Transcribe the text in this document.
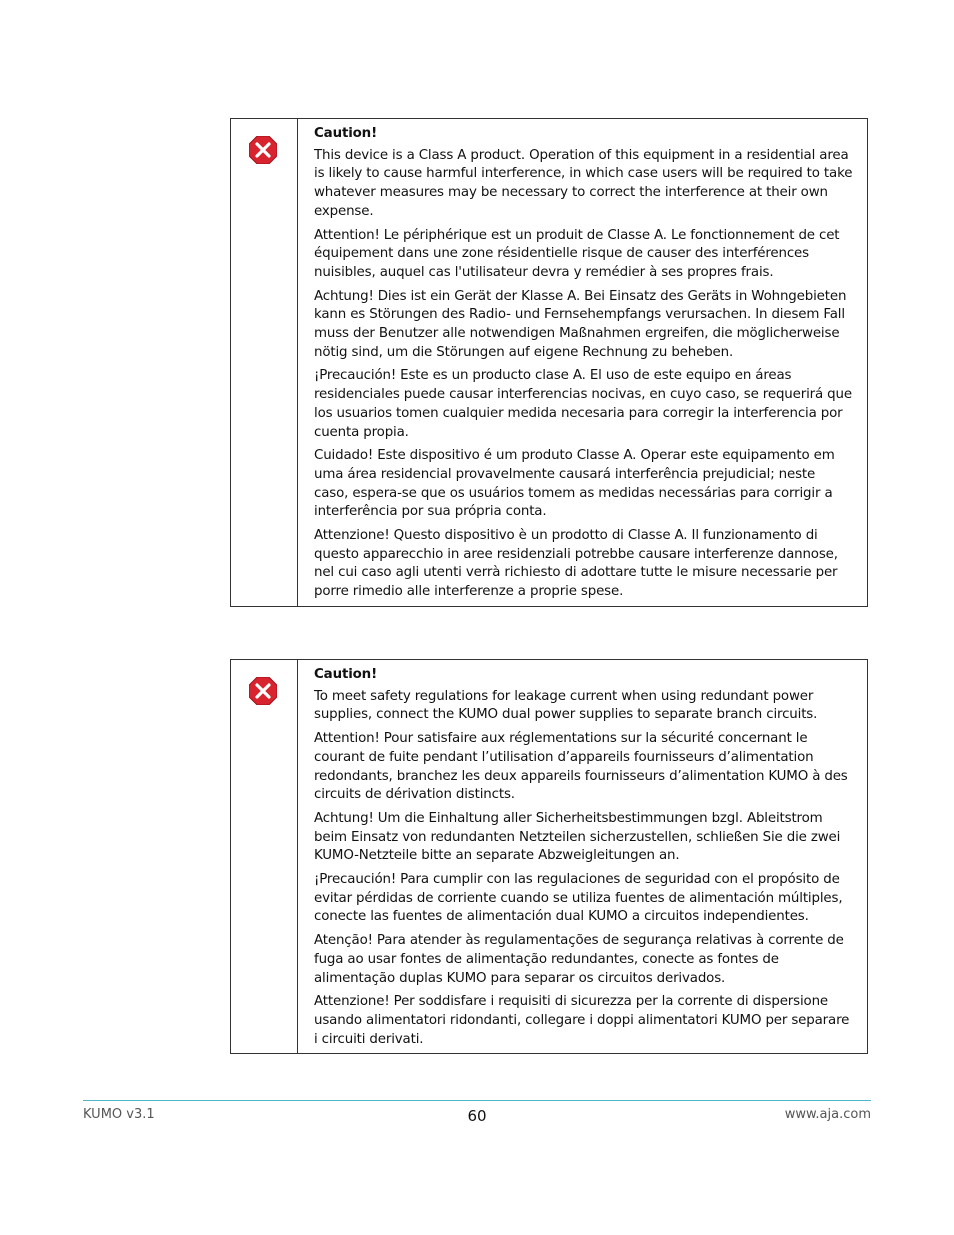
Caution!

This device is a Class A product. Operation of this equipment in a residential area is likely to cause harmful interference, in which case users will be required to take whatever measures may be necessary to correct the interference at their own expense.

Attention! Le périphérique est un produit de Classe A. Le fonctionnement de cet équipement dans une zone résidentielle risque de causer des interférences nuisibles, auquel cas l'utilisateur devra y remédier à ses propres frais.

Achtung! Dies ist ein Gerät der Klasse A. Bei Einsatz des Geräts in Wohngebieten kann es Störungen des Radio- und Fernsehempfangs verursachen. In diesem Fall muss der Benutzer alle notwendigen Maßnahmen ergreifen, die möglicherweise nötig sind, um die Störungen auf eigene Rechnung zu beheben.

¡Precaución! Este es un producto clase A. El uso de este equipo en áreas residenciales puede causar interferencias nocivas, en cuyo caso, se requerirá que los usuarios tomen cualquier medida necesaria para corregir la interferencia por cuenta propia.

Cuidado! Este dispositivo é um produto Classe A. Operar este equipamento em uma área residencial provavelmente causará interferência prejudicial; neste caso, espera-se que os usuários tomem as medidas necessárias para corrigir a interferência por sua própria conta.

Attenzione! Questo dispositivo è un prodotto di Classe A. Il funzionamento di questo apparecchio in aree residenziali potrebbe causare interferenze dannose, nel cui caso agli utenti verrà richiesto di adottare tutte le misure necessarie per porre rimedio alle interferenze a proprie spese.

Caution!

To meet safety regulations for leakage current when using redundant power supplies, connect the KUMO dual power supplies to separate branch circuits.

Attention! Pour satisfaire aux réglementations sur la sécurité concernant le courant de fuite pendant l’utilisation d’appareils fournisseurs d’alimentation redondants, branchez les deux appareils fournisseurs d’alimentation KUMO à des circuits de dérivation distincts.

Achtung! Um die Einhaltung aller Sicherheitsbestimmungen bzgl. Ableitstrom beim Einsatz von redundanten Netzteilen sicherzustellen, schließen Sie die zwei KUMO-Netzteile bitte an separate Abzweigleitungen an.

¡Precaución! Para cumplir con las regulaciones de seguridad con el propósito de evitar pérdidas de corriente cuando se utiliza fuentes de alimentación múltiples, conecte las fuentes de alimentación dual KUMO a circuitos independientes.

Atenção! Para atender às regulamentações de segurança relativas à corrente de fuga ao usar fontes de alimentação redundantes, conecte as fontes de alimentação duplas KUMO para separar os circuitos derivados.

Attenzione! Per soddisfare i requisiti di sicurezza per la corrente di dispersione usando alimentatori ridondanti, collegare i doppi alimentatori KUMO per separare i circuiti derivati.

KUMO v3.1	60	www.aja.com
